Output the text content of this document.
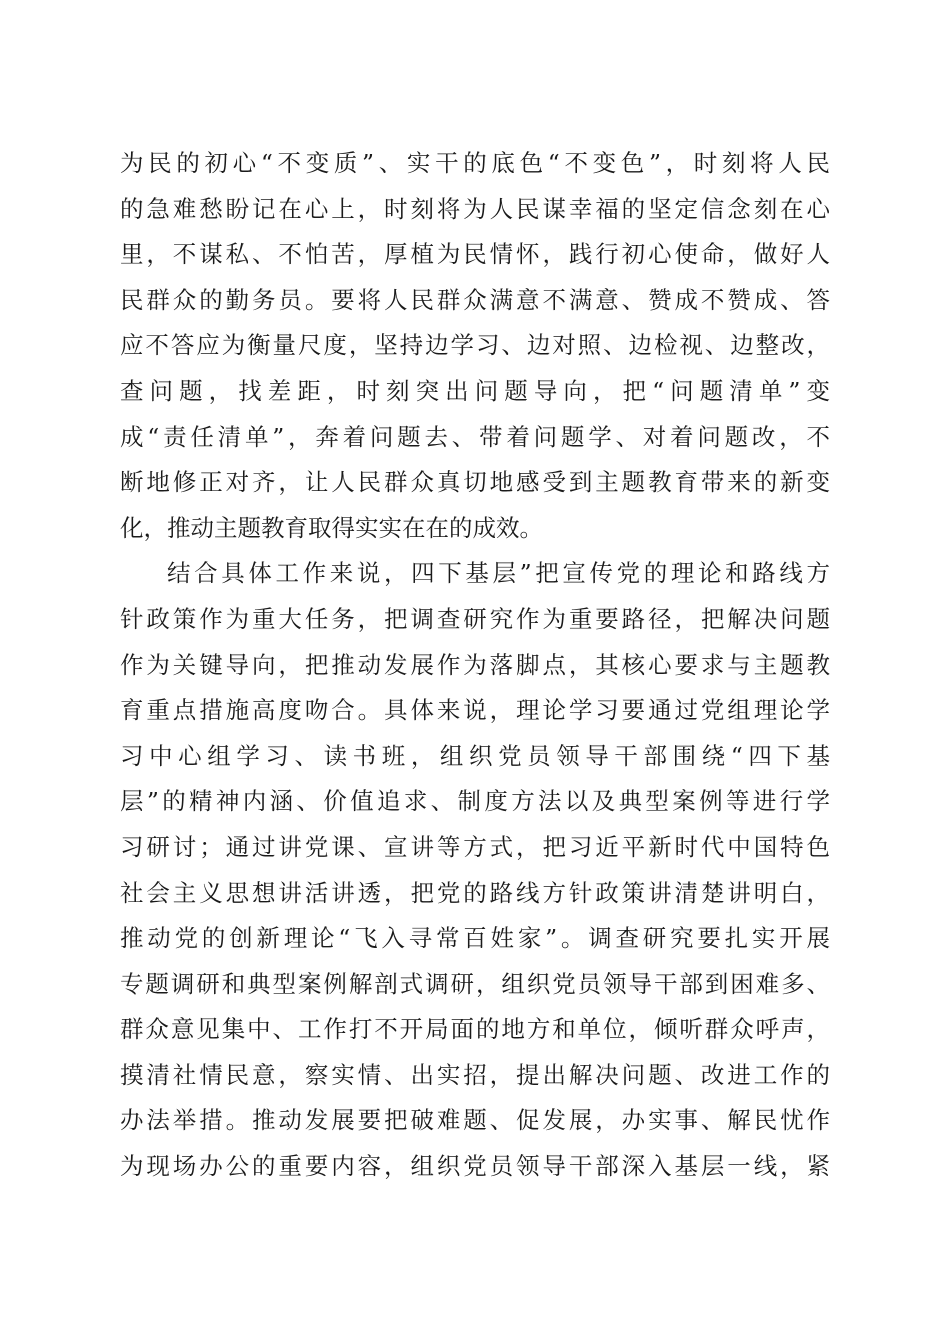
为民的初心“不变质”、实干的底色“不变色”，时刻将人民
的急难愁盼记在心上，时刻将为人民谋幸福的坚定信念刻在心
里，不谋私、不怕苦，厚植为民情怀，践行初心使命，做好人
民群众的勤务员。要将人民群众满意不满意、赞成不赞成、答
应不答应为衡量尺度，坚持边学习、边对照、边检视、边整改，
查问题，找差距，时刻突出问题导向，把“问题清单”变
成“责任清单”，奔着问题去、带着问题学、对着问题改，不
断地修正对齐，让人民群众真切地感受到主题教育带来的新变
化，推动主题教育取得实实在在的成效。
结合具体工作来说，四下基层”把宣传党的理论和路线方
针政策作为重大任务，把调查研究作为重要路径，把解决问题
作为关键导向，把推动发展作为落脚点，其核心要求与主题教
育重点措施高度吻合。具体来说，理论学习要通过党组理论学
习中心组学习、读书班，组织党员领导干部围绕“四下基
层”的精神内涵、价值追求、制度方法以及典型案例等进行学
习研讨；通过讲党课、宣讲等方式，把习近平新时代中国特色
社会主义思想讲活讲透，把党的路线方针政策讲清楚讲明白，
推动党的创新理论“飞入寻常百姓家”。调查研究要扎实开展
专题调研和典型案例解剖式调研，组织党员领导干部到困难多、
群众意见集中、工作打不开局面的地方和单位，倾听群众呼声，
摸清社情民意，察实情、出实招，提出解决问题、改进工作的
办法举措。推动发展要把破难题、促发展，办实事、解民忧作
为现场办公的重要内容，组织党员领导干部深入基层一线，紧
